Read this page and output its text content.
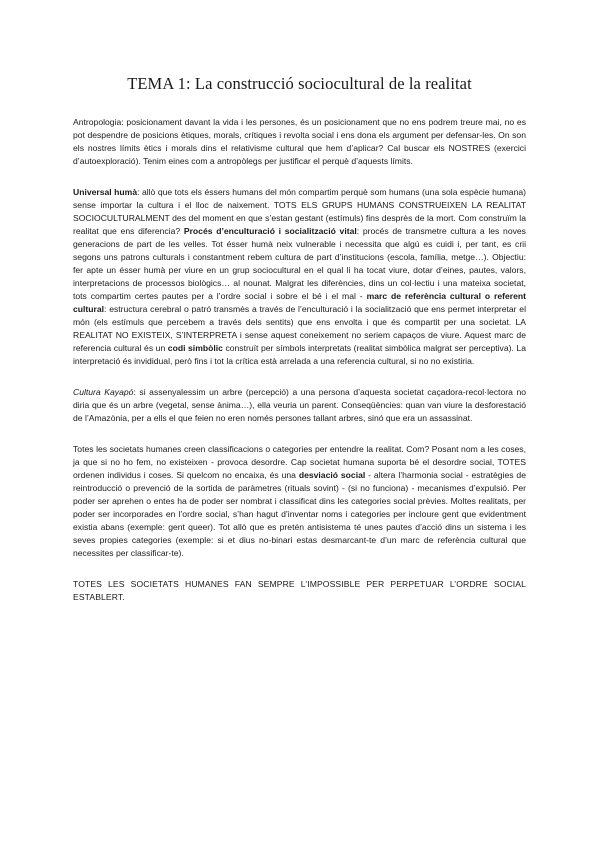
TEMA 1: La construcció sociocultural de la realitat

Antropologia: posicionament davant la vida i les persones, és un posicionament que no ens podrem treure mai, no es pot despendre de posicions ètiques, morals, crítiques i revolta social i ens dona els argument per defensar-les. On son els nostres límits ètics i morals dins el relativisme cultural que hem d’aplicar? Cal buscar els NOSTRES (exercici d’autoexploració). Tenim eines com a antropòlegs per justificar el perquè d’aquests límits.

Universal humà: allò que tots els éssers humans del món compartim perquè som humans (una sola espècie humana) sense importar la cultura i el lloc de naixement. TOTS ELS GRUPS HUMANS CONSTRUEIXEN LA REALITAT SOCIOCULTURALMENT des del moment en que s’estan gestant (estímuls) fins desprès de la mort. Com construïm la realitat que ens diferencia? Procés d’enculturació i socialització vital: procés de transmetre cultura a les noves generacions de part de les velles. Tot ésser humà neix vulnerable i necessita que algú es cuidi i, per tant, es crii segons uns patrons culturals i constantment rebem cultura de part d’institucions (escola, família, metge…). Objectiu: fer apte un ésser humà per viure en un grup sociocultural en el qual li ha tocat viure, dotar d’eines, pautes, valors, interpretacions de processos biològics… al nounat. Malgrat les diferències, dins un col·lectiu i una mateixa societat, tots compartim certes pautes per a l’ordre social i sobre el bé i el mal - marc de referència cultural o referent cultural: estructura cerebral o patró transmès a través de l’enculturació i la socialització que ens permet interpretar el món (els estímuls que percebem a través dels sentits) que ens envolta i que és compartit per una societat. LA REALITAT NO EXISTEIX, S’INTERPRETA i sense aquest coneixement no seriem capaços de viure. Aquest marc de referencia cultural és un codi simbòlic construït per símbols interpretats (realitat simbòlica malgrat ser perceptiva). La interpretació és invididual, però fins i tot la crítica està arrelada a una referencia cultural, si no no existiria.

Cultura Kayapó: si assenyalessim un arbre (percepció) a una persona d’aquesta societat caçadora-recol·lectora no diria que és un arbre (vegetal, sense ànima…), ella veuria un parent. Conseqüències: quan van viure la desforestació de l’Amazònia, per a ells el que feien no eren només persones tallant arbres, sinó que era un assassinat.

Totes les societats humanes creen classificacions o categories per entendre la realitat. Com? Posant nom a les coses, ja que si no ho fem, no existeixen - provoca desordre. Cap societat humana suporta bé el desordre social, TOTES ordenen individus i coses. Si quelcom no encaixa, és una desviació social - altera l’harmonia social - estratègies de reintroducció o prevenció de la sortida de paràmetres (rituals sovint) - (si no funciona) - mecanismes d’expulsió. Per poder ser aprehen o entes ha de poder ser nombrat i classificat dins les categories social prèvies. Moltes realitats, per poder ser incorporades en l’ordre social, s’han hagut d’inventar noms i categories per incloure gent que evidentment existia abans (exemple: gent queer). Tot allò que es pretén antisistema té unes pautes d’acció dins un sistema i les seves propies categories (exemple: si et dius no-binari estas desmarcant-te d’un marc de referència cultural que necessites per classificar-te).

TOTES LES SOCIETATS HUMANES FAN SEMPRE L’IMPOSSIBLE PER PERPETUAR L’ORDRE SOCIAL ESTABLERT.
